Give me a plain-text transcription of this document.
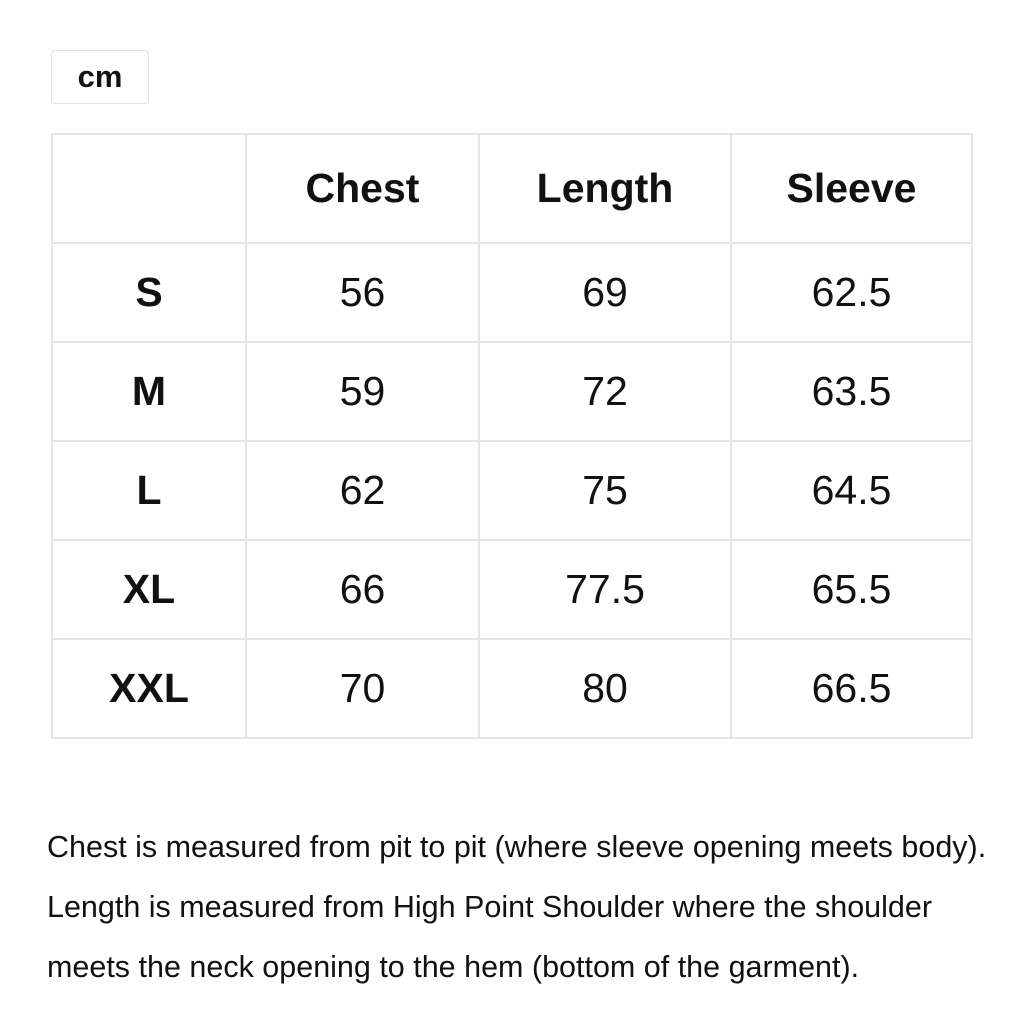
cm
	Chest	Length	Sleeve
S	56	69	62.5
M	59	72	63.5
L	62	75	64.5
XL	66	77.5	65.5
XXL	70	80	66.5

Chest is measured from pit to pit (where sleeve opening meets body). Length is measured from High Point Shoulder where the shoulder meets the neck opening to the hem (bottom of the garment).
